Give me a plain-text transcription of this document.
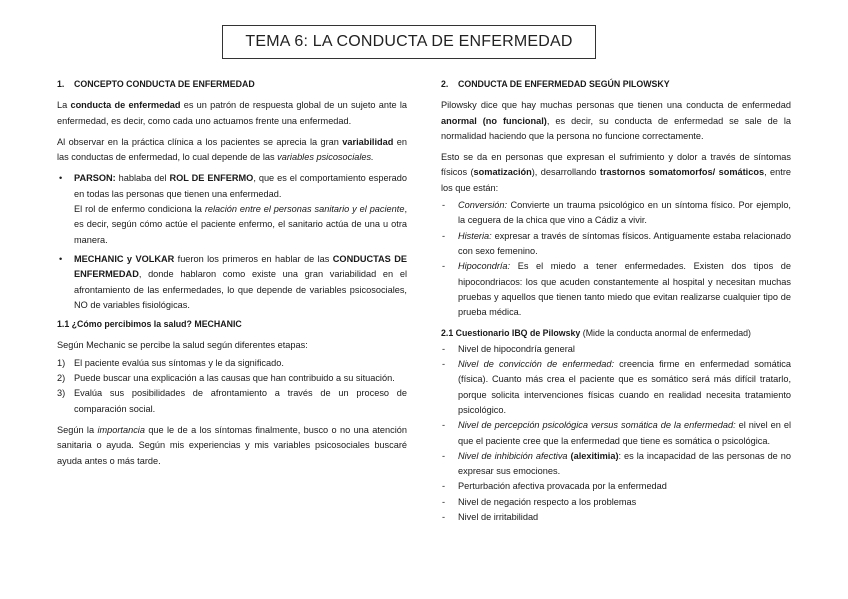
TEMA 6: LA CONDUCTA DE ENFERMEDAD
1. CONCEPTO CONDUCTA DE ENFERMEDAD

La conducta de enfermedad es un patrón de respuesta global de un sujeto ante la enfermedad, es decir, como cada uno actuamos frente una enfermedad.

Al observar en la práctica clínica a los pacientes se aprecia la gran variabilidad en las conductas de enfermedad, lo cual depende de las variables psicosociales.

• PARSON: hablaba del ROL DE ENFERMO, que es el comportamiento esperado en todas las personas que tienen una enfermedad.
El rol de enfermo condiciona la relación entre el personas sanitario y el paciente, es decir, según cómo actúe el paciente enfermo, el sanitario actúa de una u otra manera.
• MECHANIC y VOLKAR fueron los primeros en hablar de las CONDUCTAS DE ENFERMEDAD, donde hablaron como existe una gran variabilidad en el afrontamiento de las enfermedades, lo que depende de variables psicosociales, NO de variables fisiológicas.
1.1 ¿Cómo percibimos la salud? MECHANIC

Según Mechanic se percibe la salud según diferentes etapas:

1) El paciente evalúa sus síntomas y le da significado.
2) Puede buscar una explicación a las causas que han contribuido a su situación.
3) Evalúa sus posibilidades de afrontamiento a través de un proceso de comparación social.

Según la importancia que le de a los síntomas finalmente, busco o no una atención sanitaria o ayuda. Según mis experiencias y mis variables psicosociales buscaré ayuda antes o más tarde.

2. CONDUCTA DE ENFERMEDAD SEGÚN PILOWSKY

Pilowsky dice que hay muchas personas que tienen una conducta de enfermedad anormal (no funcional), es decir, su conducta de enfermedad se sale de la normalidad haciendo que la persona no funcione correctamente.

Esto se da en personas que expresan el sufrimiento y dolor a través de síntomas físicos (somatización), desarrollando trastornos somatomorfos/ somáticos, entre los que están:

- Conversión: Convierte un trauma psicológico en un síntoma físico. Por ejemplo, la ceguera de la chica que vino a Cádiz a vivir.
- Histeria: expresar a través de síntomas físicos. Antiguamente estaba relacionado con sexo femenino.
- Hipocondría: Es el miedo a tener enfermedades. Existen dos tipos de hipocondriacos: los que acuden constantemente al hospital y necesitan muchas pruebas y aquellos que tienen tanto miedo que evitan realizarse cualquier tipo de prueba médica.
2.1 Cuestionario IBQ de Pilowsky (Mide la conducta anormal de enfermedad)
- Nivel de hipocondría general
- Nivel de convicción de enfermedad: creencia firme en enfermedad somática (física). Cuanto más crea el paciente que es somático será más difícil tratarlo, porque solicita intervenciones físicas cuando en realidad necesita tratamiento psicológico.
- Nivel de percepción psicológica versus somática de la enfermedad: el nivel en el que el paciente cree que la enfermedad que tiene es somática o psicológica.
- Nivel de inhibición afectiva (alexitimia): es la incapacidad de las personas de no expresar sus emociones.
- Perturbación afectiva provacada por la enfermedad
- Nivel de negación respecto a los problemas
- Nivel de irritabilidad
